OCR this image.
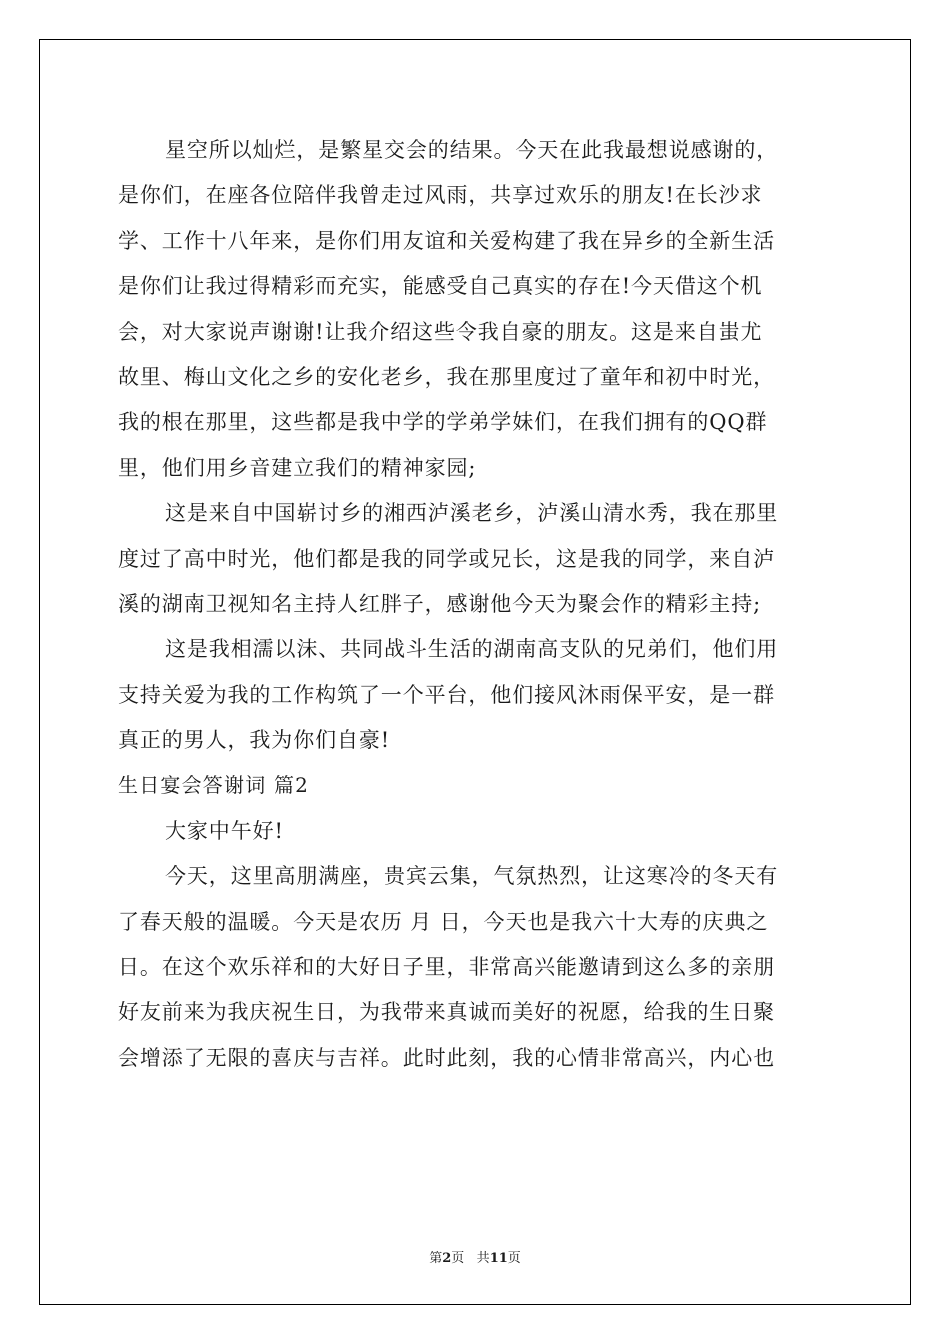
星空所以灿烂，是繁星交会的结果。今天在此我最想说感谢的，
是你们，在座各位陪伴我曾走过风雨，共享过欢乐的朋友!在长沙求
学、工作十八年来，是你们用友谊和关爱构建了我在异乡的全新生活
是你们让我过得精彩而充实，能感受自己真实的存在!今天借这个机
会，对大家说声谢谢!让我介绍这些令我自豪的朋友。这是来自蚩尤
故里、梅山文化之乡的安化老乡，我在那里度过了童年和初中时光，
我的根在那里，这些都是我中学的学弟学妹们，在我们拥有的QQ群
里，他们用乡音建立我们的精神家园;
这是来自中国崭讨乡的湘西泸溪老乡，泸溪山清水秀，我在那里
度过了高中时光，他们都是我的同学或兄长，这是我的同学，来自泸
溪的湖南卫视知名主持人红胖子，感谢他今天为聚会作的精彩主持;
这是我相濡以沫、共同战斗生活的湖南高支队的兄弟们，他们用
支持关爱为我的工作构筑了一个平台，他们接风沐雨保平安，是一群
真正的男人，我为你们自豪!
生日宴会答谢词 篇2
大家中午好!
今天，这里高朋满座，贵宾云集，气氛热烈，让这寒冷的冬天有
了春天般的温暖。今天是农历 月 日，今天也是我六十大寿的庆典之
日。在这个欢乐祥和的大好日子里，非常高兴能邀请到这么多的亲朋
好友前来为我庆祝生日，为我带来真诚而美好的祝愿，给我的生日聚
会增添了无限的喜庆与吉祥。此时此刻，我的心情非常高兴，内心也
第2页 共11页
